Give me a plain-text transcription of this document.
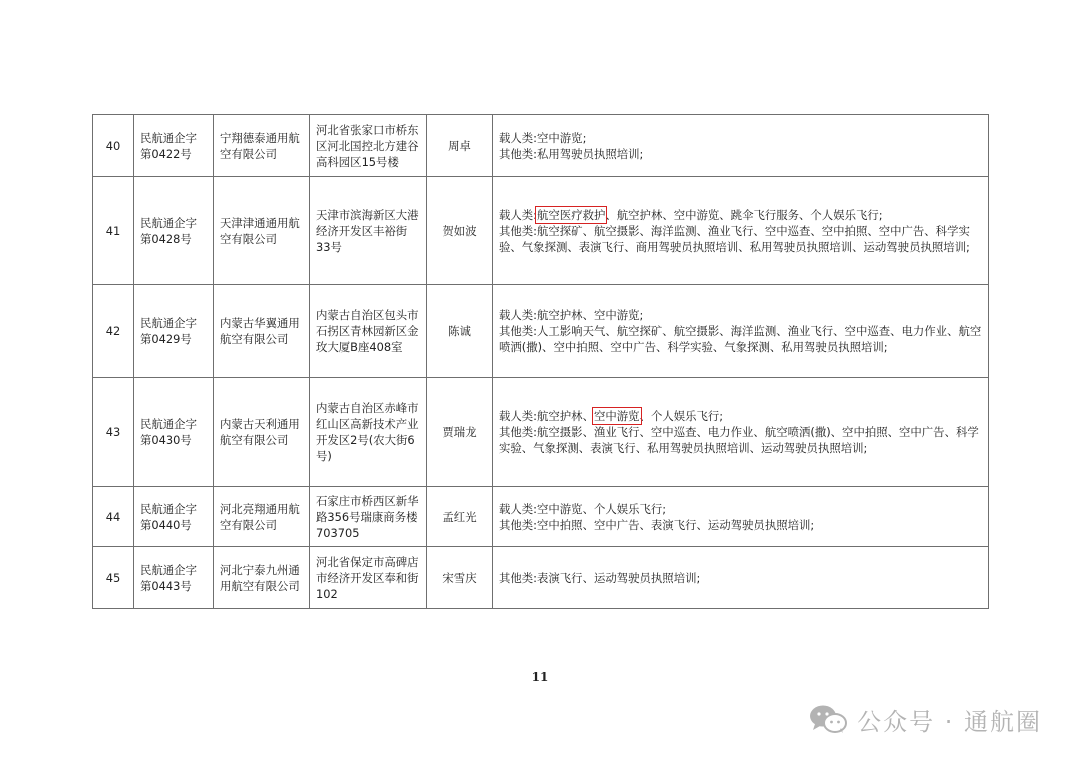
40	民航通企字第0422号	宁翔德泰通用航空有限公司	河北省张家口市桥东区河北国控北方建谷高科园区15号楼	周卓	载人类:空中游览;
其他类:私用驾驶员执照培训;

41	民航通企字第0428号	天津津通通用航空有限公司	天津市滨海新区大港经济开发区丰裕街33号	贺如波	载人类:航空医疗救护、航空护林、空中游览、跳伞飞行服务、个人娱乐飞行;
其他类:航空探矿、航空摄影、海洋监测、渔业飞行、空中巡查、空中拍照、空中广告、科学实验、气象探测、表演飞行、商用驾驶员执照培训、私用驾驶员执照培训、运动驾驶员执照培训;

42	民航通企字第0429号	内蒙古华翼通用航空有限公司	内蒙古自治区包头市石拐区青林园新区金玫大厦B座408室	陈诚	载人类:航空护林、空中游览;
其他类:人工影响天气、航空探矿、航空摄影、海洋监测、渔业飞行、空中巡查、电力作业、航空喷洒(撒)、空中拍照、空中广告、科学实验、气象探测、私用驾驶员执照培训;

43	民航通企字第0430号	内蒙古天利通用航空有限公司	内蒙古自治区赤峰市红山区高新技术产业开发区2号(农大街6号)	贾瑞龙	载人类:航空护林、空中游览、个人娱乐飞行;
其他类:航空摄影、渔业飞行、空中巡查、电力作业、航空喷洒(撒)、空中拍照、空中广告、科学实验、气象探测、表演飞行、私用驾驶员执照培训、运动驾驶员执照培训;

44	民航通企字第0440号	河北亮翔通用航空有限公司	石家庄市桥西区新华路356号瑞康商务楼703705	孟红光	载人类:空中游览、个人娱乐飞行;
其他类:空中拍照、空中广告、表演飞行、运动驾驶员执照培训;

45	民航通企字第0443号	河北宁泰九州通用航空有限公司	河北省保定市高碑店市经济开发区奉和街102	宋雪庆	其他类:表演飞行、运动驾驶员执照培训;
11
公众号 · 通航圈
